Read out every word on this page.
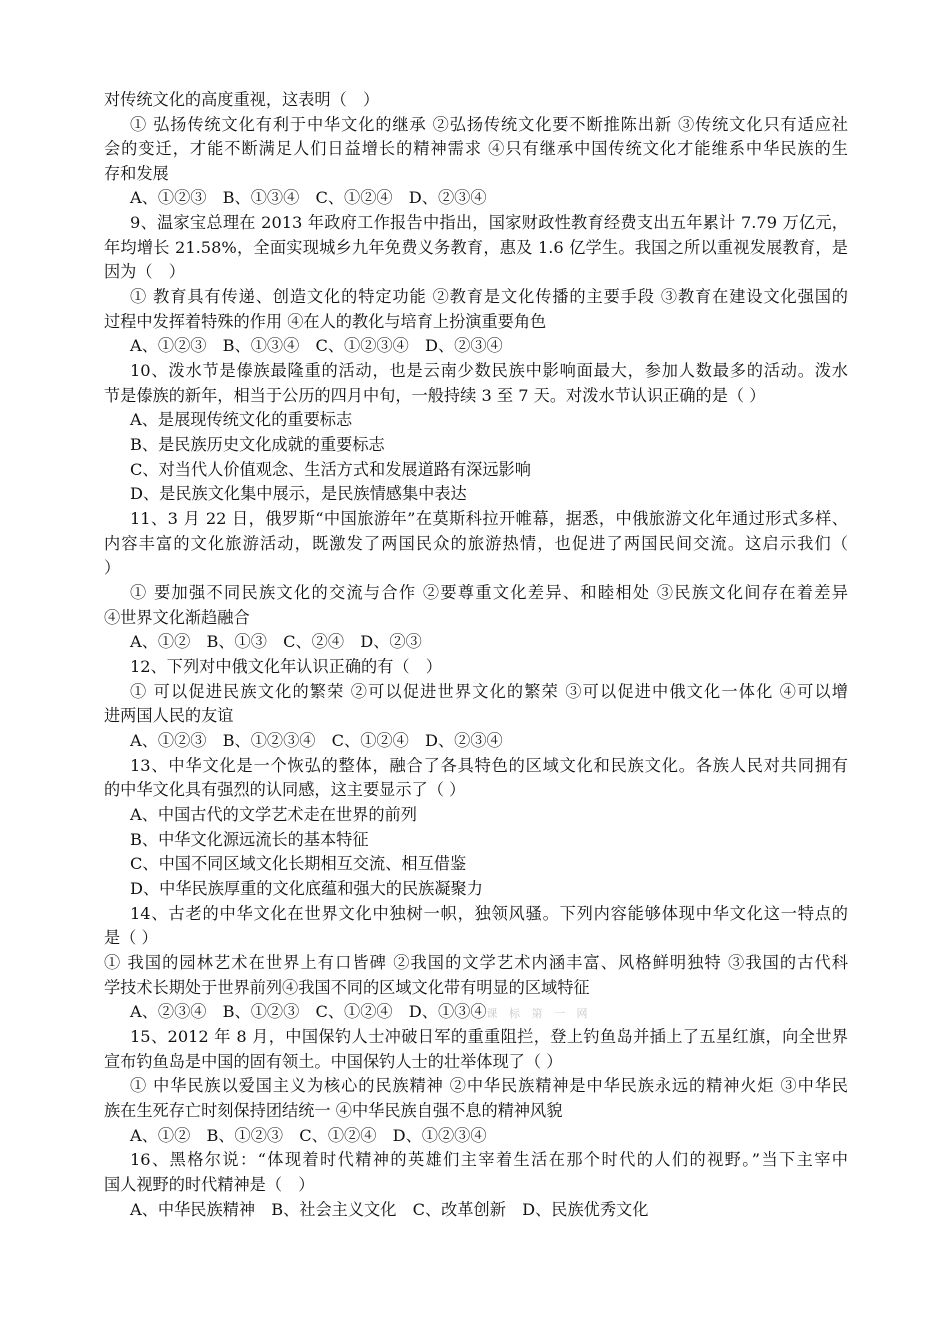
对传统文化的高度重视，这表明（　）
① 弘扬传统文化有利于中华文化的继承 ②弘扬传统文化要不断推陈出新 ③传统文化只有适应社
会的变迁，才能不断满足人们日益增长的精神需求 ④只有继承中国传统文化才能维系中华民族的生
存和发展
A、①②③　B、①③④　C、①②④　D、②③④
9、温家宝总理在 2013 年政府工作报告中指出，国家财政性教育经费支出五年累计 7.79 万亿元，
年均增长 21.58%，全面实现城乡九年免费义务教育，惠及 1.6 亿学生。我国之所以重视发展教育，是
因为（　）
① 教育具有传递、创造文化的特定功能 ②教育是文化传播的主要手段 ③教育在建设文化强国的
过程中发挥着特殊的作用 ④在人的教化与培育上扮演重要角色
A、①②③　B、①③④　C、①②③④　D、②③④
10、泼水节是傣族最隆重的活动，也是云南少数民族中影响面最大，参加人数最多的活动。泼水
节是傣族的新年，相当于公历的四月中旬，一般持续 3 至 7 天。对泼水节认识正确的是（ ）
A、是展现传统文化的重要标志
B、是民族历史文化成就的重要标志
C、对当代人价值观念、生活方式和发展道路有深远影响
D、是民族文化集中展示，是民族情感集中表达
11、3 月 22 日，俄罗斯“中国旅游年”在莫斯科拉开帷幕，据悉，中俄旅游文化年通过形式多样、
内容丰富的文化旅游活动，既激发了两国民众的旅游热情，也促进了两国民间交流。这启示我们（
）
① 要加强不同民族文化的交流与合作 ②要尊重文化差异、和睦相处 ③民族文化间存在着差异
④世界文化渐趋融合
A、①②　B、①③　C、②④　D、②③
12、下列对中俄文化年认识正确的有（　）
① 可以促进民族文化的繁荣 ②可以促进世界文化的繁荣 ③可以促进中俄文化一体化 ④可以增
进两国人民的友谊
A、①②③　B、①②③④　C、①②④　D、②③④
13、中华文化是一个恢弘的整体，融合了各具特色的区域文化和民族文化。各族人民对共同拥有
的中华文化具有强烈的认同感，这主要显示了（ ）
A、中国古代的文学艺术走在世界的前列
B、中华文化源远流长的基本特征
C、中国不同区域文化长期相互交流、相互借鉴
D、中华民族厚重的文化底蕴和强大的民族凝聚力
14、古老的中华文化在世界文化中独树一帜，独领风骚。下列内容能够体现中华文化这一特点的
是（ ）
① 我国的园林艺术在世界上有口皆碑 ②我国的文学艺术内涵丰富、风格鲜明独特 ③我国的古代科
学技术长期处于世界前列④我国不同的区域文化带有明显的区域特征
A、②③④　B、①②③　C、①②④　D、①③④课 标 第 一 网
15、2012 年 8 月，中国保钓人士冲破日军的重重阻拦，登上钓鱼岛并插上了五星红旗，向全世界
宣布钓鱼岛是中国的固有领土。中国保钓人士的壮举体现了（ ）
① 中华民族以爱国主义为核心的民族精神 ②中华民族精神是中华民族永远的精神火炬 ③中华民
族在生死存亡时刻保持团结统一 ④中华民族自强不息的精神风貌
A、①②　B、①②③　C、①②④　D、①②③④
16、黑格尔说：“体现着时代精神的英雄们主宰着生活在那个时代的人们的视野。”当下主宰中
国人视野的时代精神是（　）
A、中华民族精神　B、社会主义文化　C、改革创新　D、民族优秀文化
